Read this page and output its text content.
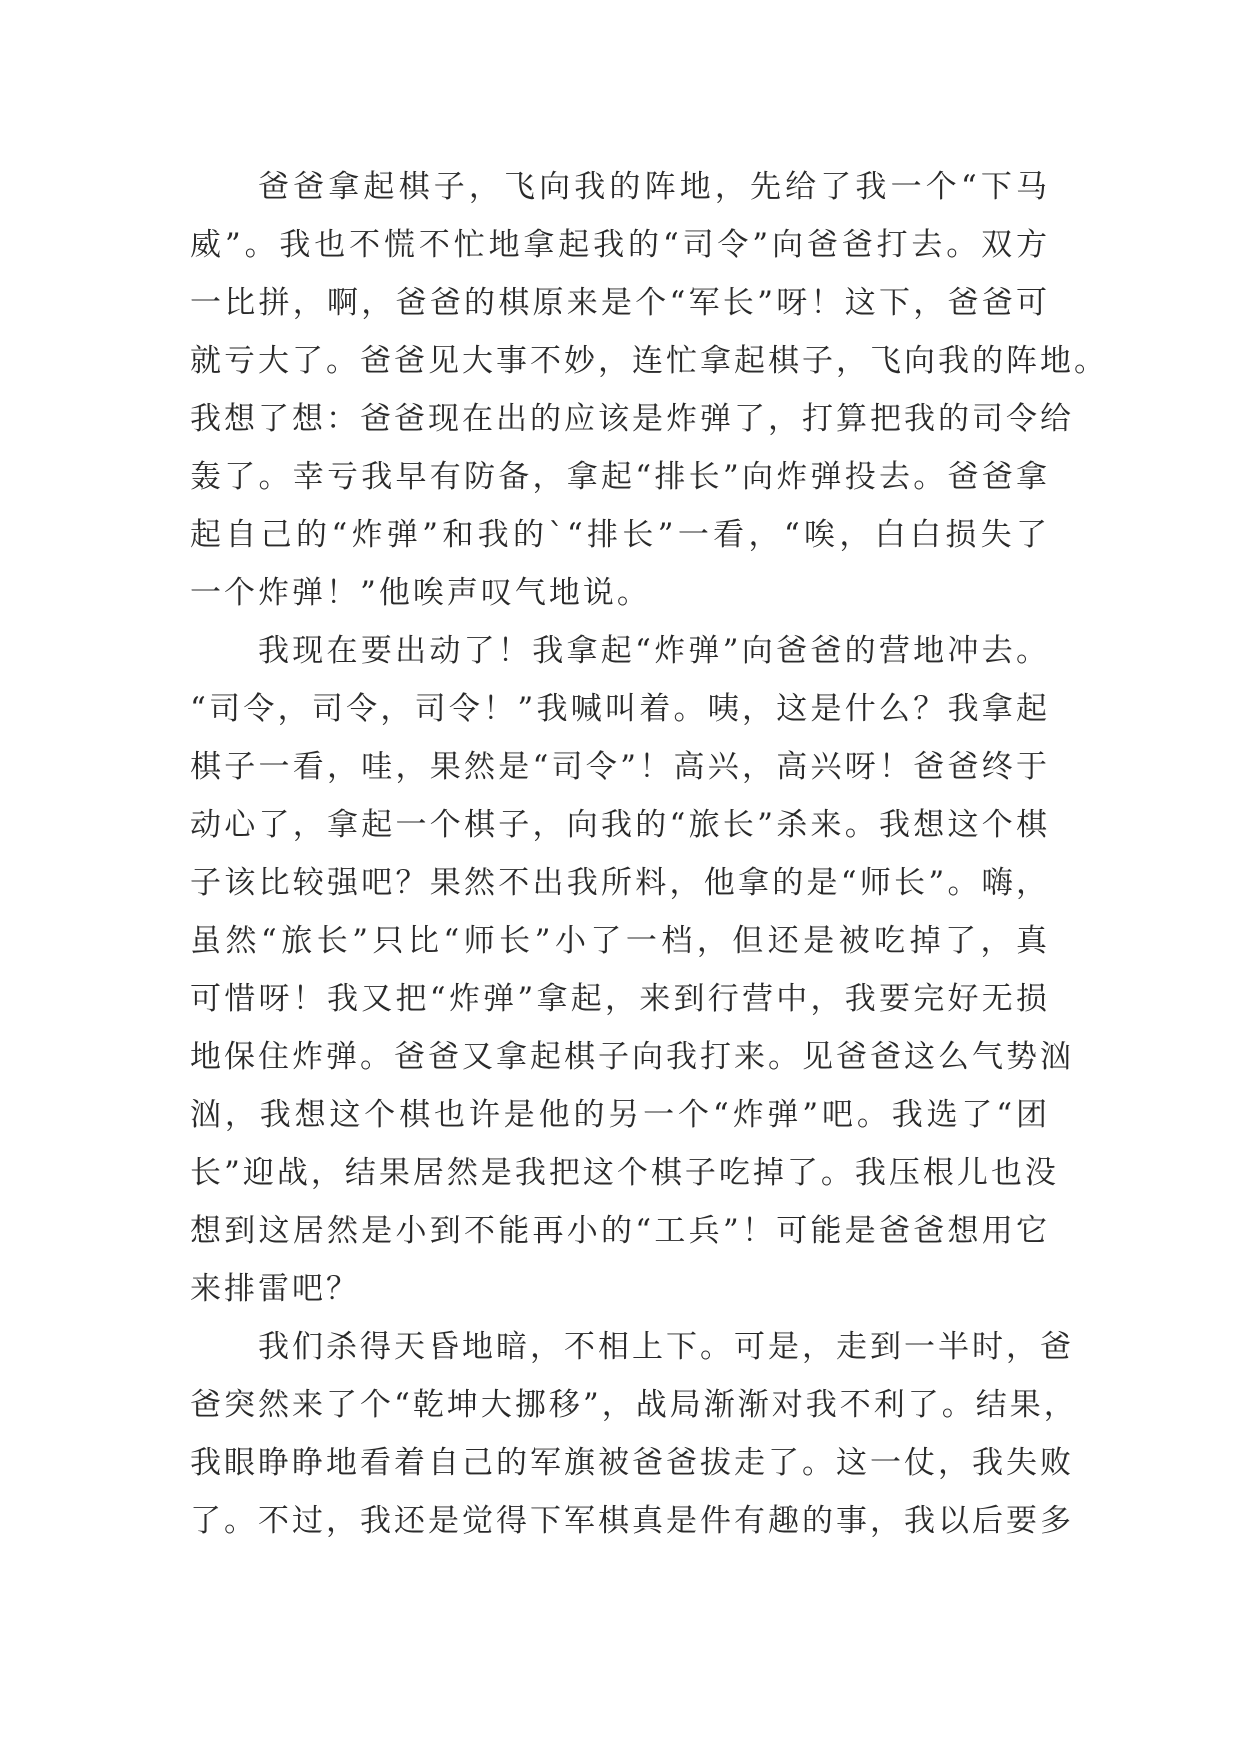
爸爸拿起棋子，飞向我的阵地，先给了我一个“下马
威”。我也不慌不忙地拿起我的“司令”向爸爸打去。双方
一比拼，啊，爸爸的棋原来是个“军长”呀！这下，爸爸可
就亏大了。爸爸见大事不妙，连忙拿起棋子，飞向我的阵地。
我想了想：爸爸现在出的应该是炸弹了，打算把我的司令给
轰了。幸亏我早有防备，拿起“排长”向炸弹投去。爸爸拿
起自己的“炸弹”和我的`“排长”一看，“唉，白白损失了
一个炸弹！”他唉声叹气地说。
我现在要出动了！我拿起“炸弹”向爸爸的营地冲去。
“司令，司令，司令！”我喊叫着。咦，这是什么？我拿起
棋子一看，哇，果然是“司令”！高兴，高兴呀！爸爸终于
动心了，拿起一个棋子，向我的“旅长”杀来。我想这个棋
子该比较强吧？果然不出我所料，他拿的是“师长”。嗨，
虽然“旅长”只比“师长”小了一档，但还是被吃掉了，真
可惜呀！我又把“炸弹”拿起，来到行营中，我要完好无损
地保住炸弹。爸爸又拿起棋子向我打来。见爸爸这么气势汹
汹，我想这个棋也许是他的另一个“炸弹”吧。我选了“团
长”迎战，结果居然是我把这个棋子吃掉了。我压根儿也没
想到这居然是小到不能再小的“工兵”！可能是爸爸想用它
来排雷吧？
我们杀得天昏地暗，不相上下。可是，走到一半时，爸
爸突然来了个“乾坤大挪移”，战局渐渐对我不利了。结果，
我眼睁睁地看着自己的军旗被爸爸拔走了。这一仗，我失败
了。不过，我还是觉得下军棋真是件有趣的事，我以后要多
